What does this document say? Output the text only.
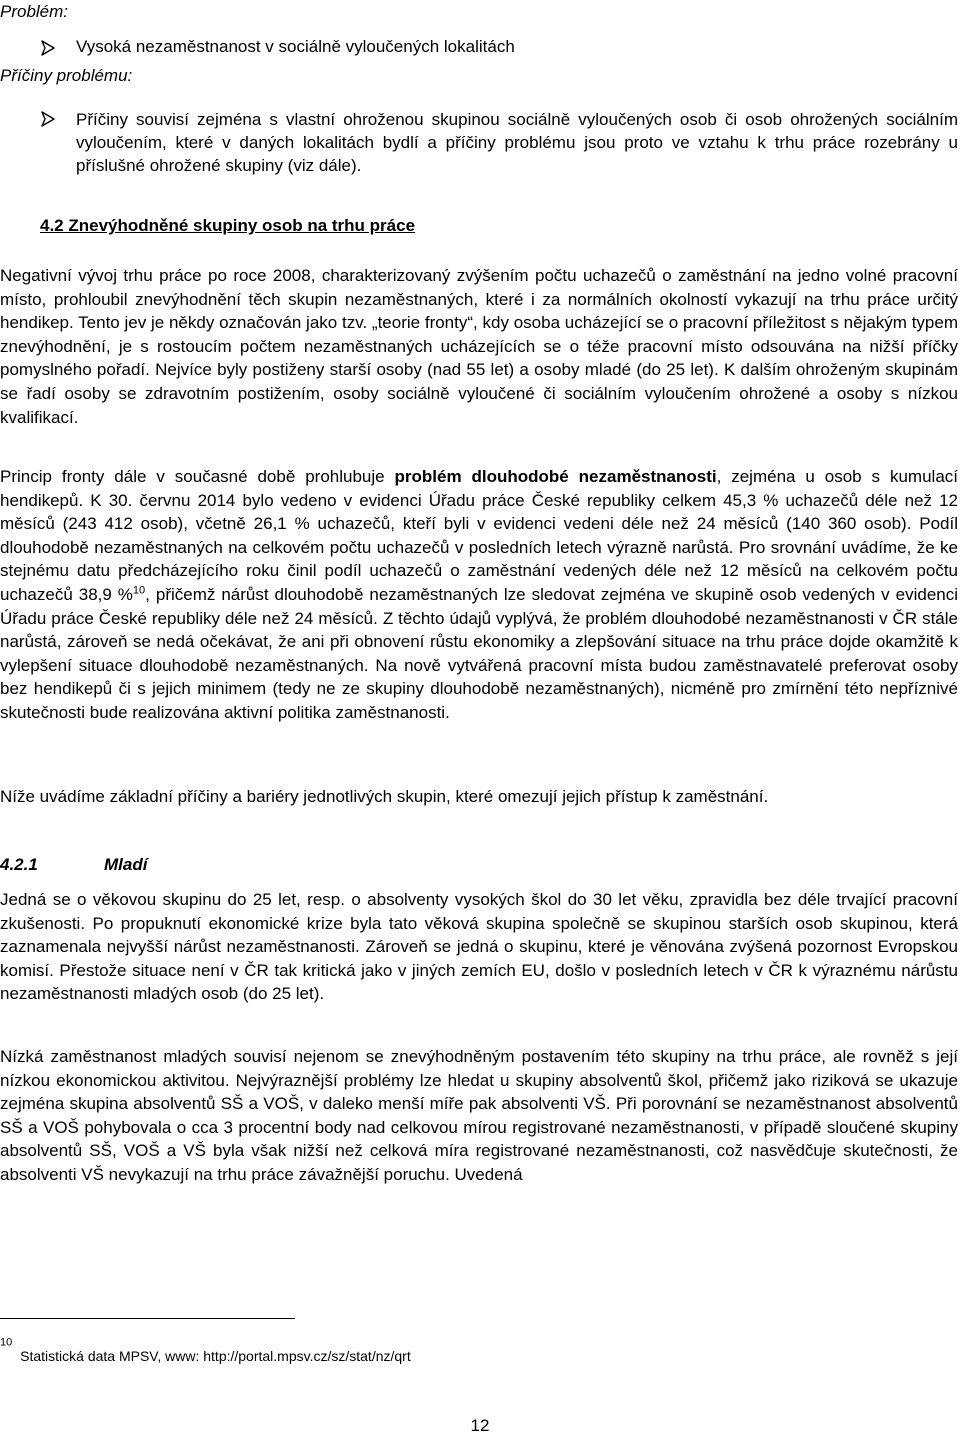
Problém:
Vysoká nezaměstnanost v sociálně vyloučených lokalitách
Příčiny problému:
Příčiny souvisí zejména s vlastní ohroženou skupinou sociálně vyloučených osob či osob ohrožených sociálním vyloučením, které v daných lokalitách bydlí a příčiny problému jsou proto ve vztahu k trhu práce rozebrány u příslušné ohrožené skupiny (viz dále).
4.2 Znevýhodněné skupiny osob na trhu práce
Negativní vývoj trhu práce po roce 2008, charakterizovaný zvýšením počtu uchazečů o zaměstnání na jedno volné pracovní místo, prohloubil znevýhodnění těch skupin nezaměstnaných, které i za normálních okolností vykazují na trhu práce určitý hendikep. Tento jev je někdy označován jako tzv. „teorie fronty“, kdy osoba ucházející se o pracovní příležitost s nějakým typem znevýhodnění, je s rostoucím počtem nezaměstnaných ucházejících se o téže pracovní místo odsouvána na nižší příčky pomyslného pořadí. Nejvíce byly postiženy starší osoby (nad 55 let) a osoby mladé (do 25 let). K dalším ohroženým skupinám se řadí osoby se zdravotním postižením, osoby sociálně vyloučené či sociálním vyloučením ohrožené a osoby s nízkou kvalifikací.
Princip fronty dále v současné době prohlubuje problém dlouhodobé nezaměstnanosti, zejména u osob s kumulací hendikepů. K 30. červnu 2014 bylo vedeno v evidenci Úřadu práce České republiky celkem 45,3 % uchazečů déle než 12 měsíců (243 412 osob), včetně 26,1 % uchazečů, kteří byli v evidenci vedeni déle než 24 měsíců (140 360 osob). Podíl dlouhodobě nezaměstnaných na celkovém počtu uchazečů v posledních letech výrazně narůstá. Pro srovnání uvádíme, že ke stejnému datu předcházejícího roku činil podíl uchazečů o zaměstnání vedených déle než 12 měsíců na celkovém počtu uchazečů 38,9 %$^{10}$, přičemž nárůst dlouhodobě nezaměstnaných lze sledovat zejména ve skupině osob vedených v evidenci Úřadu práce České republiky déle než 24 měsíců. Z těchto údajů vyplývá, že problém dlouhodobé nezaměstnanosti v ČR stále narůstá, zároveň se nedá očekávat, že ani při obnovení růstu ekonomiky a zlepšování situace na trhu práce dojde okamžitě k vylepšení situace dlouhodobě nezaměstnaných. Na nově vytvářená pracovní místa budou zaměstnavatelé preferovat osoby bez hendikepů či s jejich minimem (tedy ne ze skupiny dlouhodobě nezaměstnaných), nicméně pro zmírnění této nepříznivé skutečnosti bude realizována aktivní politika zaměstnanosti.
Níže uvádíme základní příčiny a bariéry jednotlivých skupin, které omezují jejich přístup k zaměstnání.
4.2.1	Mladí
Jedná se o věkovou skupinu do 25 let, resp. o absolventy vysokých škol do 30 let věku, zpravidla bez déle trvající pracovní zkušenosti. Po propuknutí ekonomické krize byla tato věková skupina společně se skupinou starších osob skupinou, která zaznamenala nejvyšší nárůst nezaměstnanosti. Zároveň se jedná o skupinu, které je věnována zvýšená pozornost Evropskou komisí. Přestože situace není v ČR tak kritická jako v jiných zemích EU, došlo v posledních letech v ČR k výraznému nárůstu nezaměstnanosti mladých osob (do 25 let).
Nízká zaměstnanost mladých souvisí nejenom se znevýhodněným postavením této skupiny na trhu práce, ale rovněž s její nízkou ekonomickou aktivitou. Nejvýraznější problémy lze hledat u skupiny absolventů škol, přičemž jako riziková se ukazuje zejména skupina absolventů SŠ a VOŠ, v daleko menší míře pak absolventi VŠ. Při porovnání se nezaměstnanost absolventů SŠ a VOŠ pohybovala o cca 3 procentní body nad celkovou mírou registrované nezaměstnanosti, v případě sloučené skupiny absolventů SŠ, VOŠ a VŠ byla však nižší než celková míra registrované nezaměstnanosti, což nasvědčuje skutečnosti, že absolventi VŠ nevykazují na trhu práce závažnější poruchu. Uvedená
$^{10}$ Statistická data MPSV, www: http://portal.mpsv.cz/sz/stat/nz/qrt
12
